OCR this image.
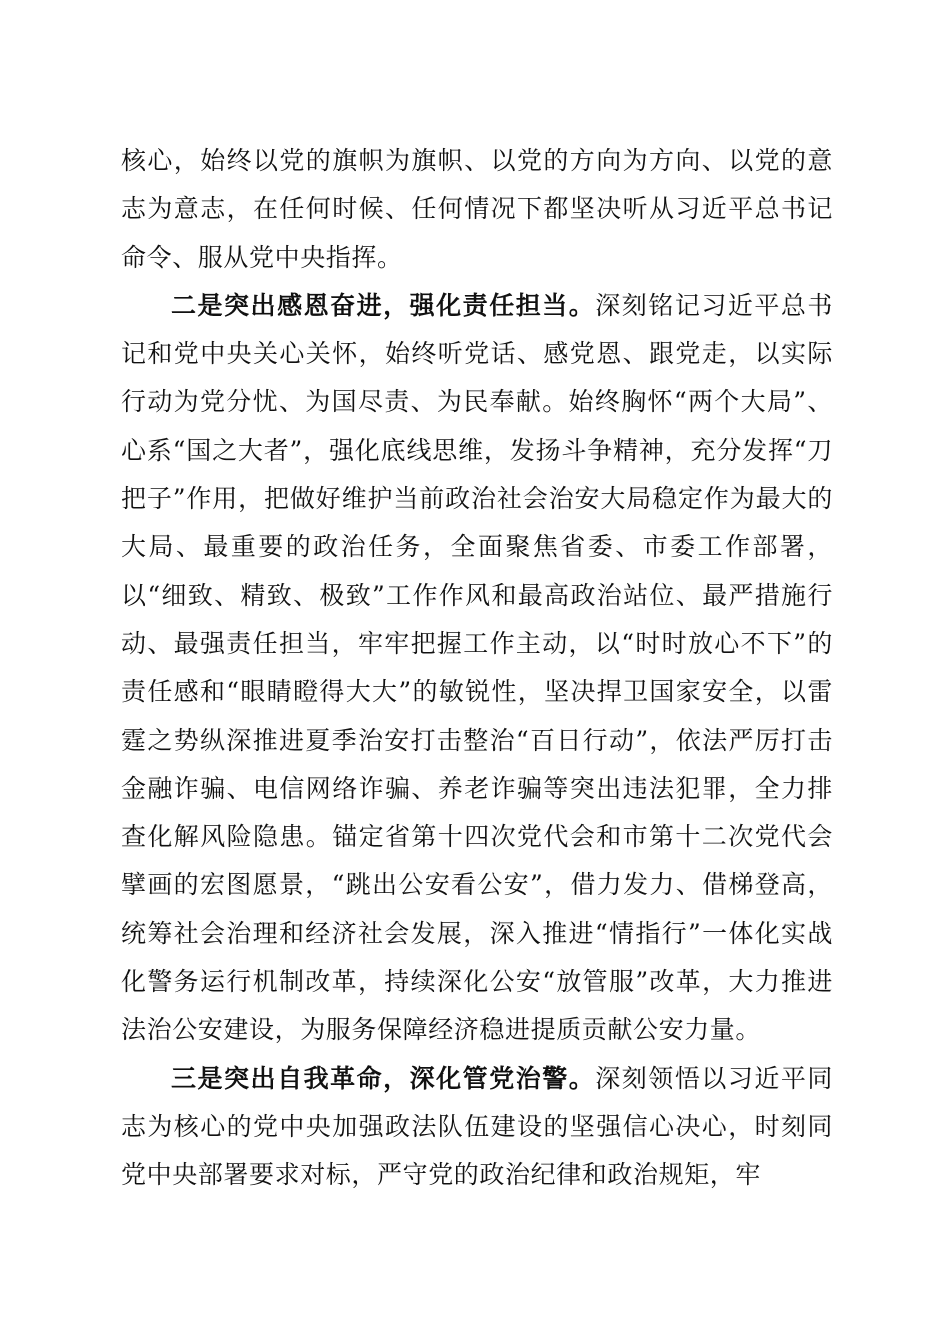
核心，始终以党的旗帜为旗帜、以党的方向为方向、以党的意志为意志，在任何时候、任何情况下都坚决听从习近平总书记命令、服从党中央指挥。

二是突出感恩奋进，强化责任担当。深刻铭记习近平总书记和党中央关心关怀，始终听党话、感党恩、跟党走，以实际行动为党分忧、为国尽责、为民奉献。始终胸怀“两个大局”、心系“国之大者”，强化底线思维，发扬斗争精神，充分发挥“刀把子”作用，把做好维护当前政治社会治安大局稳定作为最大的大局、最重要的政治任务，全面聚焦省委、市委工作部署，以“细致、精致、极致”工作作风和最高政治站位、最严措施行动、最强责任担当，牢牢把握工作主动，以“时时放心不下”的责任感和“眼睛瞪得大大”的敏锐性，坚决捍卫国家安全，以雷霆之势纵深推进夏季治安打击整治“百日行动”，依法严厉打击金融诈骗、电信网络诈骗、养老诈骗等突出违法犯罪，全力排查化解风险隐患。锚定省第十四次党代会和市第十二次党代会擘画的宏图愿景，“跳出公安看公安”，借力发力、借梯登高，统筹社会治理和经济社会发展，深入推进“情指行”一体化实战化警务运行机制改革，持续深化公安“放管服”改革，大力推进法治公安建设，为服务保障经济稳进提质贡献公安力量。

三是突出自我革命，深化管党治警。深刻领悟以习近平同志为核心的党中央加强政法队伍建设的坚强信心决心，时刻同党中央部署要求对标，严守党的政治纪律和政治规矩，牢
